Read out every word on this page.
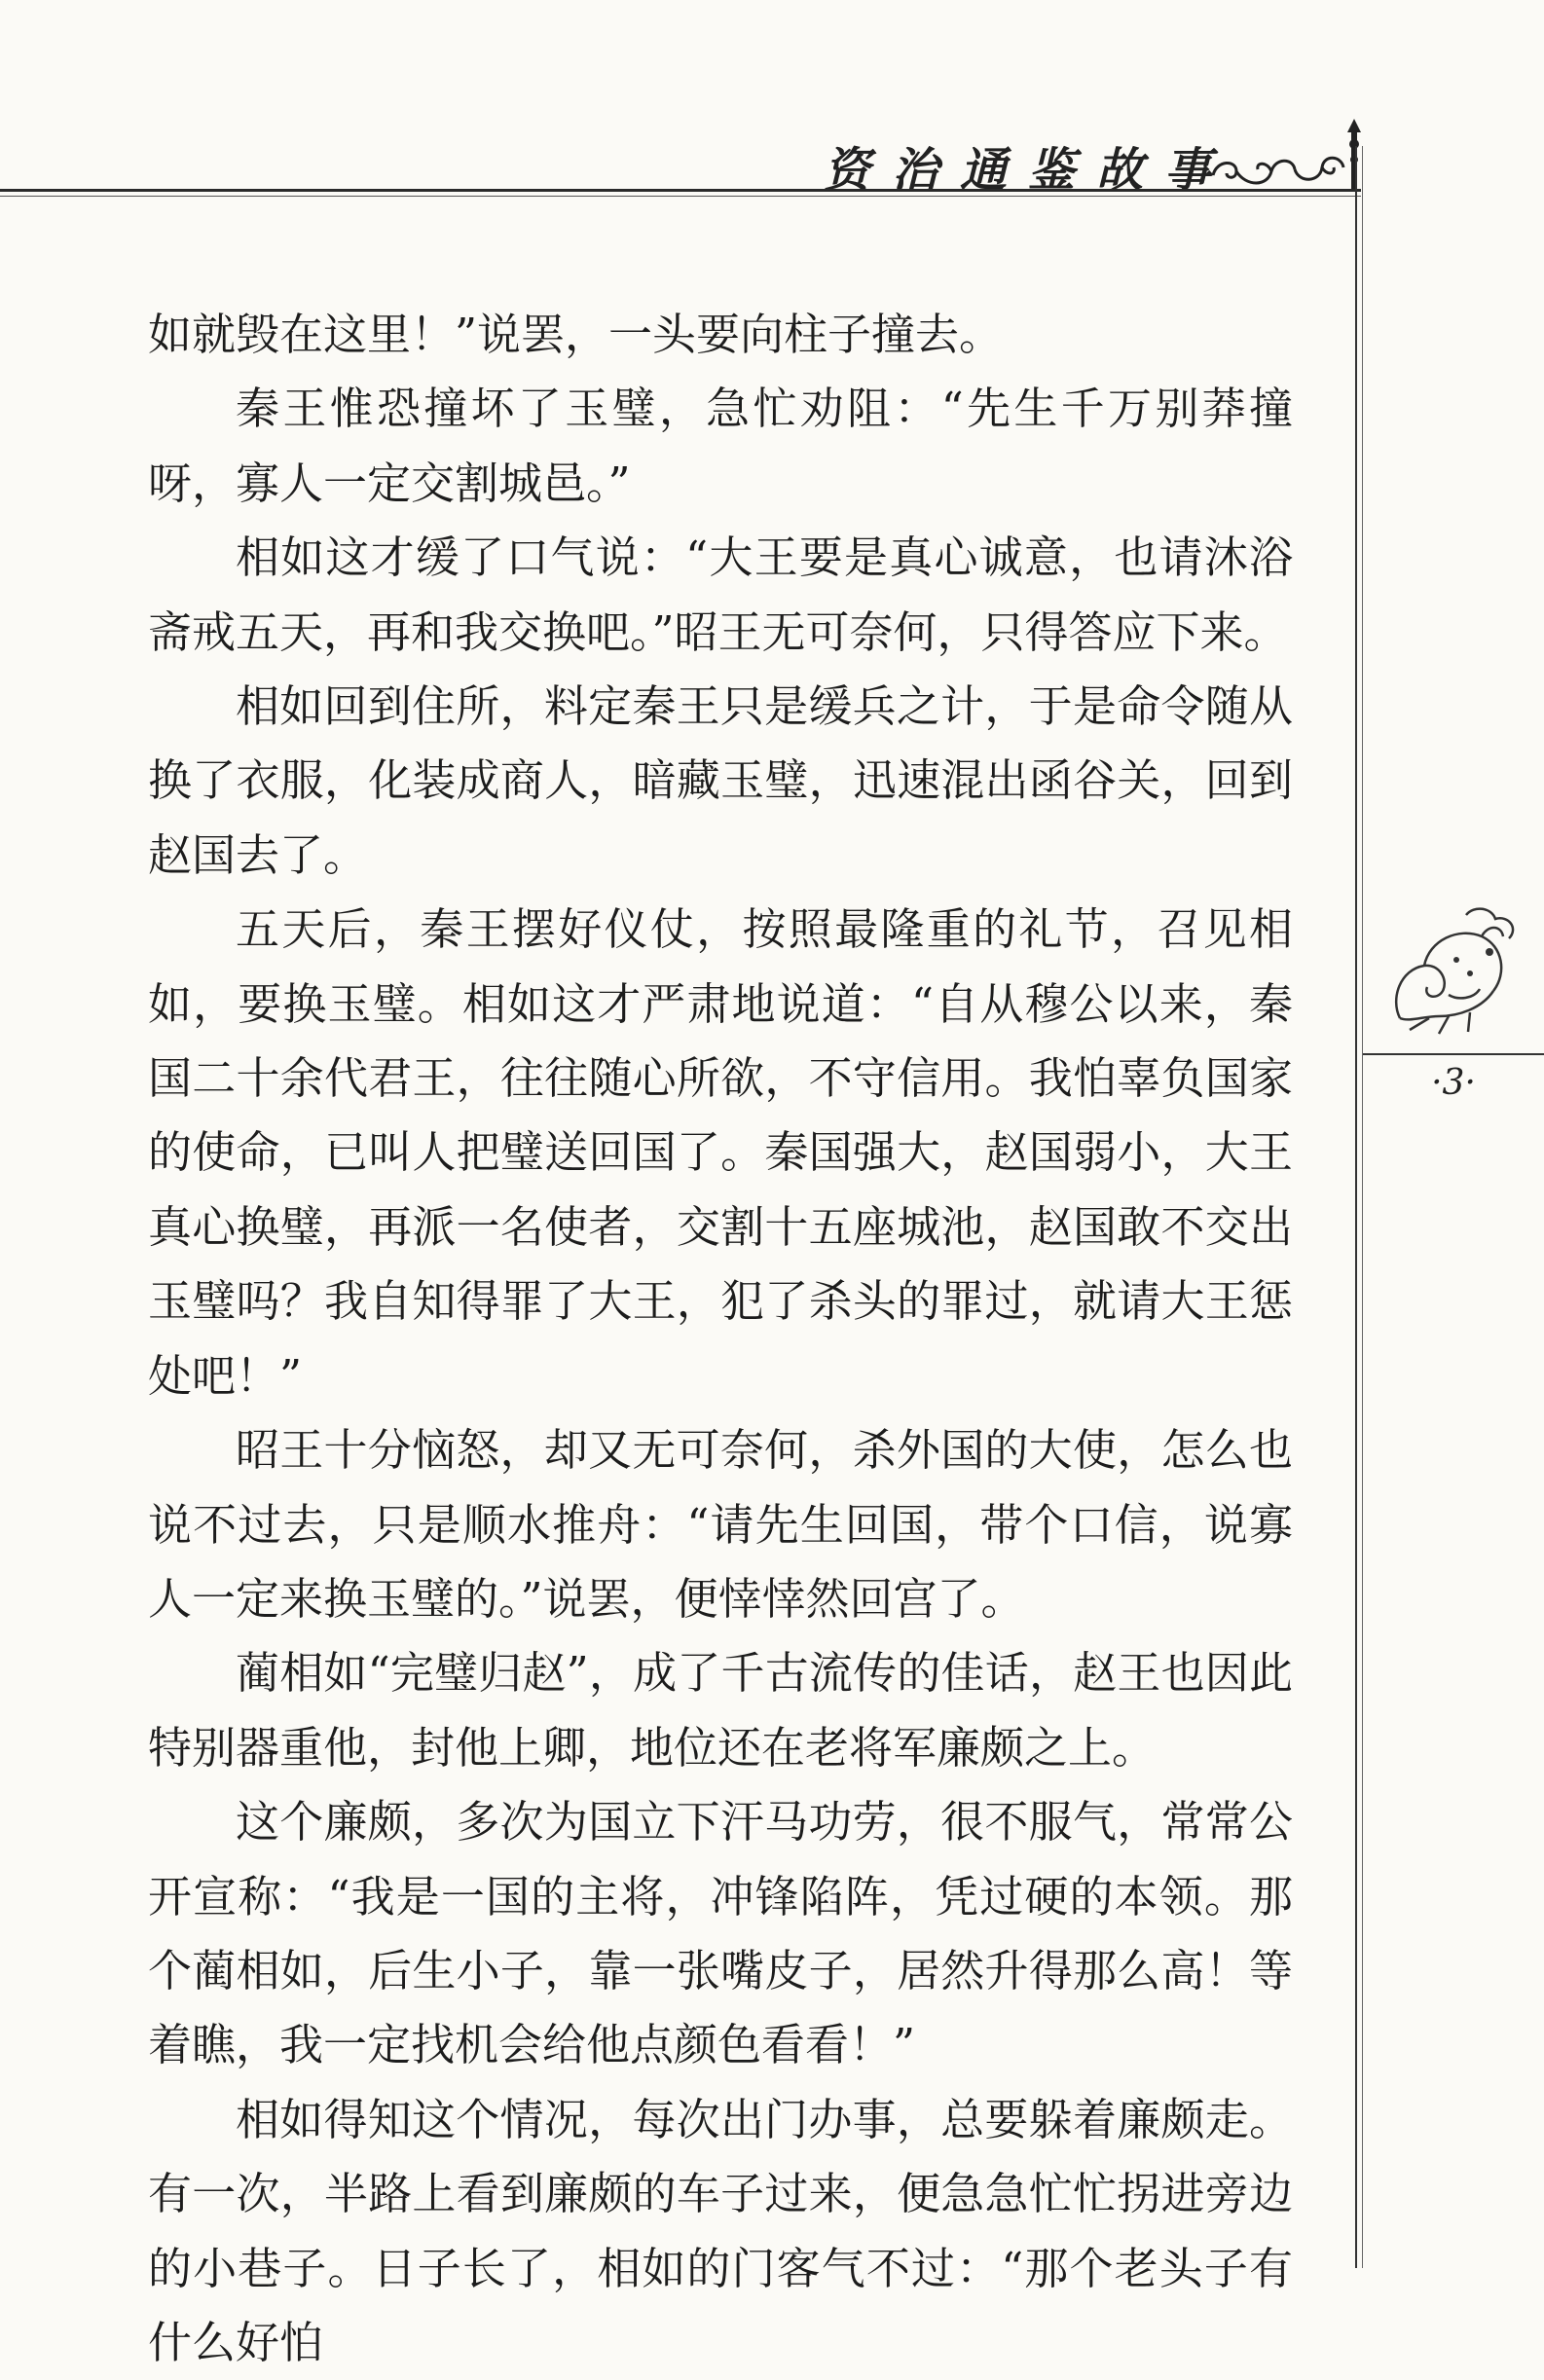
资治通鉴故事
·3·

如就毁在这里！”说罢，一头要向柱子撞去。

秦王惟恐撞坏了玉璧，急忙劝阻：“先生千万别莽撞呀，寡人一定交割城邑。”

相如这才缓了口气说：“大王要是真心诚意，也请沐浴斋戒五天，再和我交换吧。”昭王无可奈何，只得答应下来。

相如回到住所，料定秦王只是缓兵之计，于是命令随从换了衣服，化装成商人，暗藏玉璧，迅速混出函谷关，回到赵国去了。

五天后，秦王摆好仪仗，按照最隆重的礼节，召见相如，要换玉璧。相如这才严肃地说道：“自从穆公以来，秦国二十余代君王，往往随心所欲，不守信用。我怕辜负国家的使命，已叫人把璧送回国了。秦国强大，赵国弱小，大王真心换璧，再派一名使者，交割十五座城池，赵国敢不交出玉璧吗？我自知得罪了大王，犯了杀头的罪过，就请大王惩处吧！”

昭王十分恼怒，却又无可奈何，杀外国的大使，怎么也说不过去，只是顺水推舟：“请先生回国，带个口信，说寡人一定来换玉璧的。”说罢，便悻悻然回宫了。

蔺相如“完璧归赵”，成了千古流传的佳话，赵王也因此特别器重他，封他上卿，地位还在老将军廉颇之上。

这个廉颇，多次为国立下汗马功劳，很不服气，常常公开宣称：“我是一国的主将，冲锋陷阵，凭过硬的本领。那个蔺相如，后生小子，靠一张嘴皮子，居然升得那么高！等着瞧，我一定找机会给他点颜色看看！”

相如得知这个情况，每次出门办事，总要躲着廉颇走。有一次，半路上看到廉颇的车子过来，便急急忙忙拐进旁边的小巷子。日子长了，相如的门客气不过：“那个老头子有什么好怕
